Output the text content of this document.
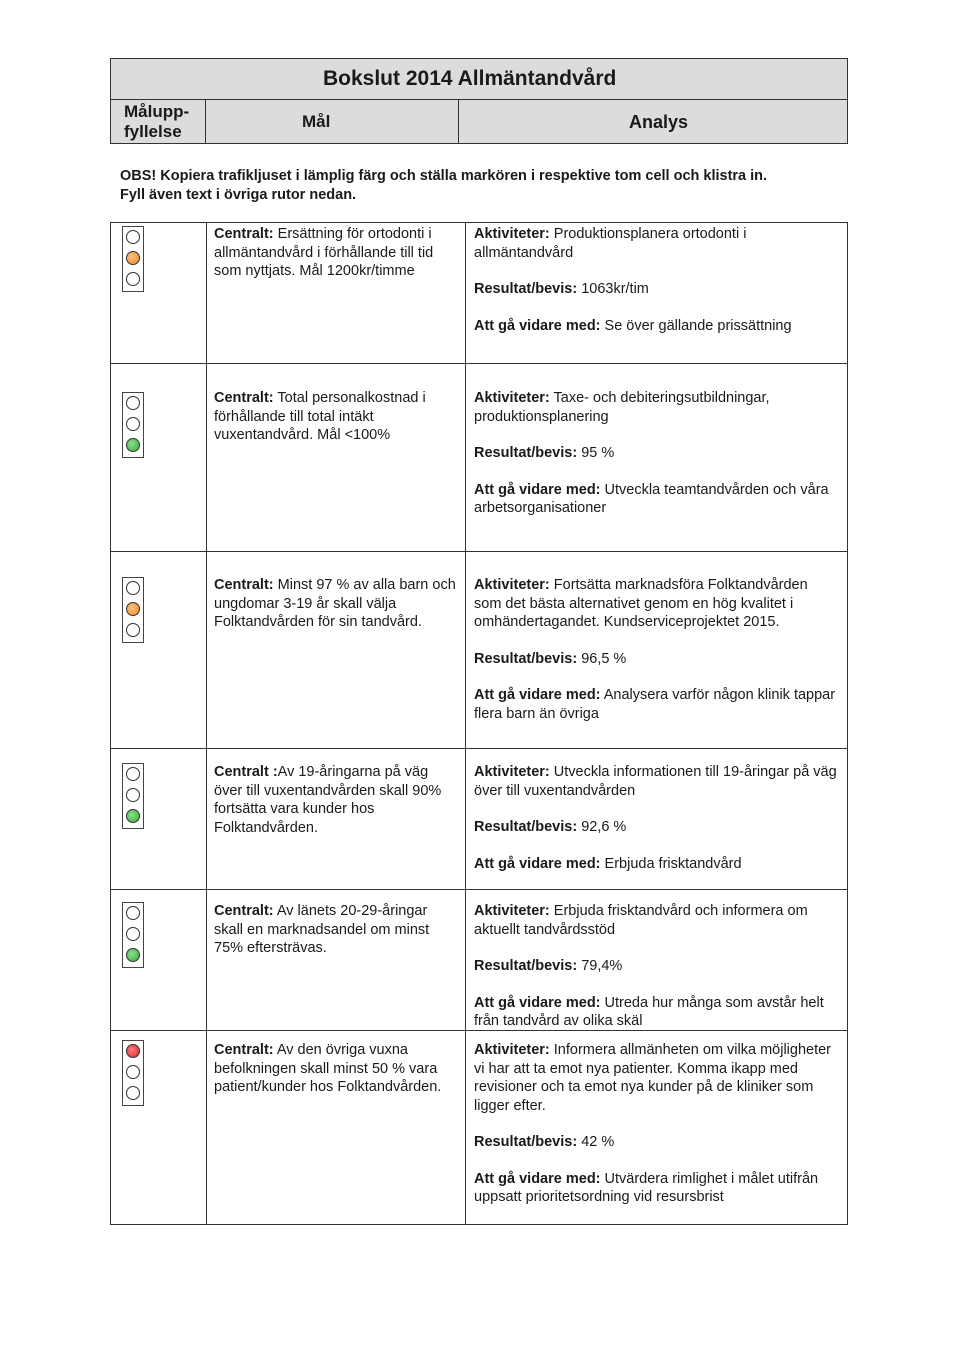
Bokslut 2014 Allmäntandvård
Målupp-
fyllelse
Mål	Analys
OBS! Kopiera trafikljuset i lämplig färg och ställa markören i respektive tom cell och klistra in.
Fyll även text i övriga rutor nedan.
Centralt: Ersättning för ortodonti i allmäntandvård i förhållande till tid som nyttjats. Mål 1200kr/timme

Aktiviteter: Produktionsplanera ortodonti i allmäntandvård

Resultat/bevis: 1063kr/tim

Att gå vidare med: Se över gällande prissättning

Centralt: Total personalkostnad i förhållande till total intäkt vuxentandvård. Mål <100%

Aktiviteter: Taxe- och debiteringsutbildningar, produktionsplanering

Resultat/bevis: 95 %

Att gå vidare med: Utveckla teamtandvården och våra arbetsorganisationer

Centralt: Minst 97 % av alla barn och ungdomar 3-19 år skall välja Folktandvården för sin tandvård.

Aktiviteter: Fortsätta marknadsföra Folktandvården som det bästa alternativet genom en hög kvalitet i omhändertagandet. Kundserviceprojektet 2015.

Resultat/bevis: 96,5 %

Att gå vidare med: Analysera varför någon klinik tappar flera barn än övriga

Centralt :Av 19-åringarna på väg över till vuxentandvården skall 90% fortsätta vara kunder hos Folktandvården.

Aktiviteter: Utveckla informationen till 19-åringar på väg över till vuxentandvården

Resultat/bevis: 92,6 %

Att gå vidare med: Erbjuda frisktandvård

Centralt: Av länets 20-29-åringar skall en marknadsandel om minst 75% eftersträvas.

Aktiviteter: Erbjuda frisktandvård och informera om aktuellt tandvårdsstöd

Resultat/bevis: 79,4%

Att gå vidare med: Utreda hur många som avstår helt från tandvård av olika skäl

Centralt: Av den övriga vuxna befolkningen skall minst 50 % vara patient/kunder hos Folktandvården.

Aktiviteter: Informera allmänheten om vilka möjligheter vi har att ta emot nya patienter. Komma ikapp med revisioner och ta emot nya kunder på de kliniker som ligger efter.

Resultat/bevis: 42 %

Att gå vidare med: Utvärdera rimlighet i målet utifrån uppsatt prioritetsordning vid resursbrist
